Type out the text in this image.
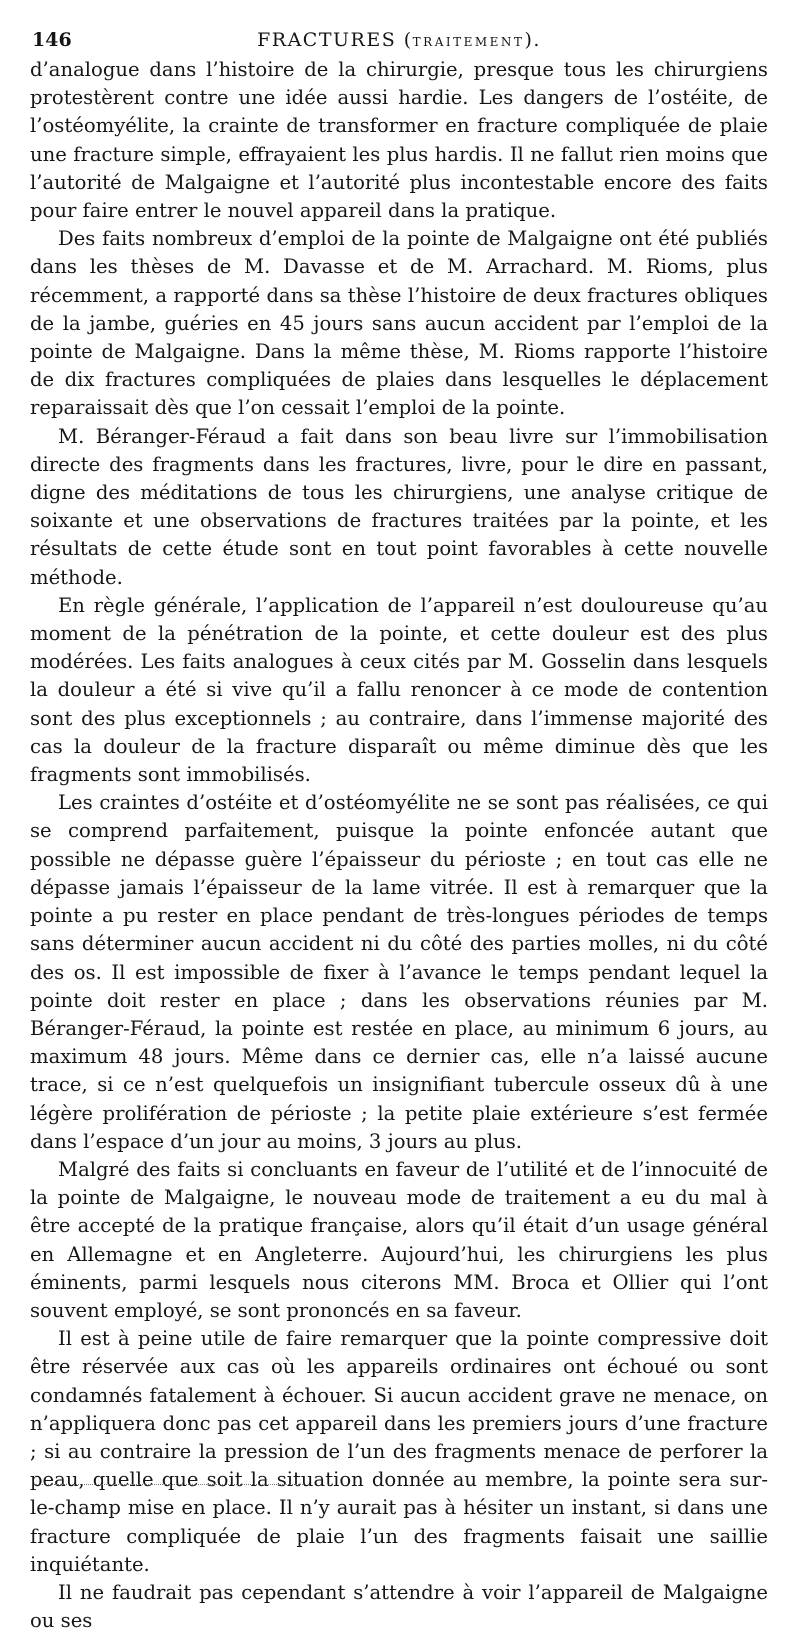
146	FRACTURES (TRAITEMENT).

d’analogue dans l’histoire de la chirurgie, presque tous les chirurgiens protestèrent contre une idée aussi hardie. Les dangers de l’ostéite, de l’ostéomyélite, la crainte de transformer en fracture compliquée de plaie une fracture simple, effrayaient les plus hardis. Il ne fallut rien moins que l’autorité de Malgaigne et l’autorité plus incontestable encore des faits pour faire entrer le nouvel appareil dans la pratique.

Des faits nombreux d’emploi de la pointe de Malgaigne ont été publiés dans les thèses de M. Davasse et de M. Arrachard. M. Rioms, plus récemment, a rapporté dans sa thèse l’histoire de deux fractures obliques de la jambe, guéries en 45 jours sans aucun accident par l’emploi de la pointe de Malgaigne. Dans la même thèse, M. Rioms rapporte l’histoire de dix fractures compliquées de plaies dans lesquelles le déplacement reparaissait dès que l’on cessait l’emploi de la pointe.

M. Béranger-Féraud a fait dans son beau livre sur l’immobilisation directe des fragments dans les fractures, livre, pour le dire en passant, digne des méditations de tous les chirurgiens, une analyse critique de soixante et une observations de fractures traitées par la pointe, et les résultats de cette étude sont en tout point favorables à cette nouvelle méthode.

En règle générale, l’application de l’appareil n’est douloureuse qu’au moment de la pénétration de la pointe, et cette douleur est des plus modérées. Les faits analogues à ceux cités par M. Gosselin dans lesquels la douleur a été si vive qu’il a fallu renoncer à ce mode de contention sont des plus exceptionnels ; au contraire, dans l’immense majorité des cas la douleur de la fracture disparaît ou même diminue dès que les fragments sont immobilisés.

Les craintes d’ostéite et d’ostéomyélite ne se sont pas réalisées, ce qui se comprend parfaitement, puisque la pointe enfoncée autant que possible ne dépasse guère l’épaisseur du périoste ; en tout cas elle ne dépasse jamais l’épaisseur de la lame vitrée. Il est à remarquer que la pointe a pu rester en place pendant de très-longues périodes de temps sans déterminer aucun accident ni du côté des parties molles, ni du côté des os. Il est impossible de fixer à l’avance le temps pendant lequel la pointe doit rester en place ; dans les observations réunies par M. Béranger-Féraud, la pointe est restée en place, au minimum 6 jours, au maximum 48 jours. Même dans ce dernier cas, elle n’a laissé aucune trace, si ce n’est quelquefois un insignifiant tubercule osseux dû à une légère prolifération de périoste ; la petite plaie extérieure s’est fermée dans l’espace d’un jour au moins, 3 jours au plus.

Malgré des faits si concluants en faveur de l’utilité et de l’innocuité de la pointe de Malgaigne, le nouveau mode de traitement a eu du mal à être accepté de la pratique française, alors qu’il était d’un usage général en Allemagne et en Angleterre. Aujourd’hui, les chirurgiens les plus éminents, parmi lesquels nous citerons MM. Broca et Ollier qui l’ont souvent employé, se sont prononcés en sa faveur.

Il est à peine utile de faire remarquer que la pointe compressive doit être réservée aux cas où les appareils ordinaires ont échoué ou sont condamnés fatalement à échouer. Si aucun accident grave ne menace, on n’appliquera donc pas cet appareil dans les premiers jours d’une fracture ; si au contraire la pression de l’un des fragments menace de perforer la peau, quelle que soit la situation donnée au membre, la pointe sera sur-le-champ mise en place. Il n’y aurait pas à hésiter un instant, si dans une fracture compliquée de plaie l’un des fragments faisait une saillie inquiétante.

Il ne faudrait pas cependant s’attendre à voir l’appareil de Malgaigne ou ses
